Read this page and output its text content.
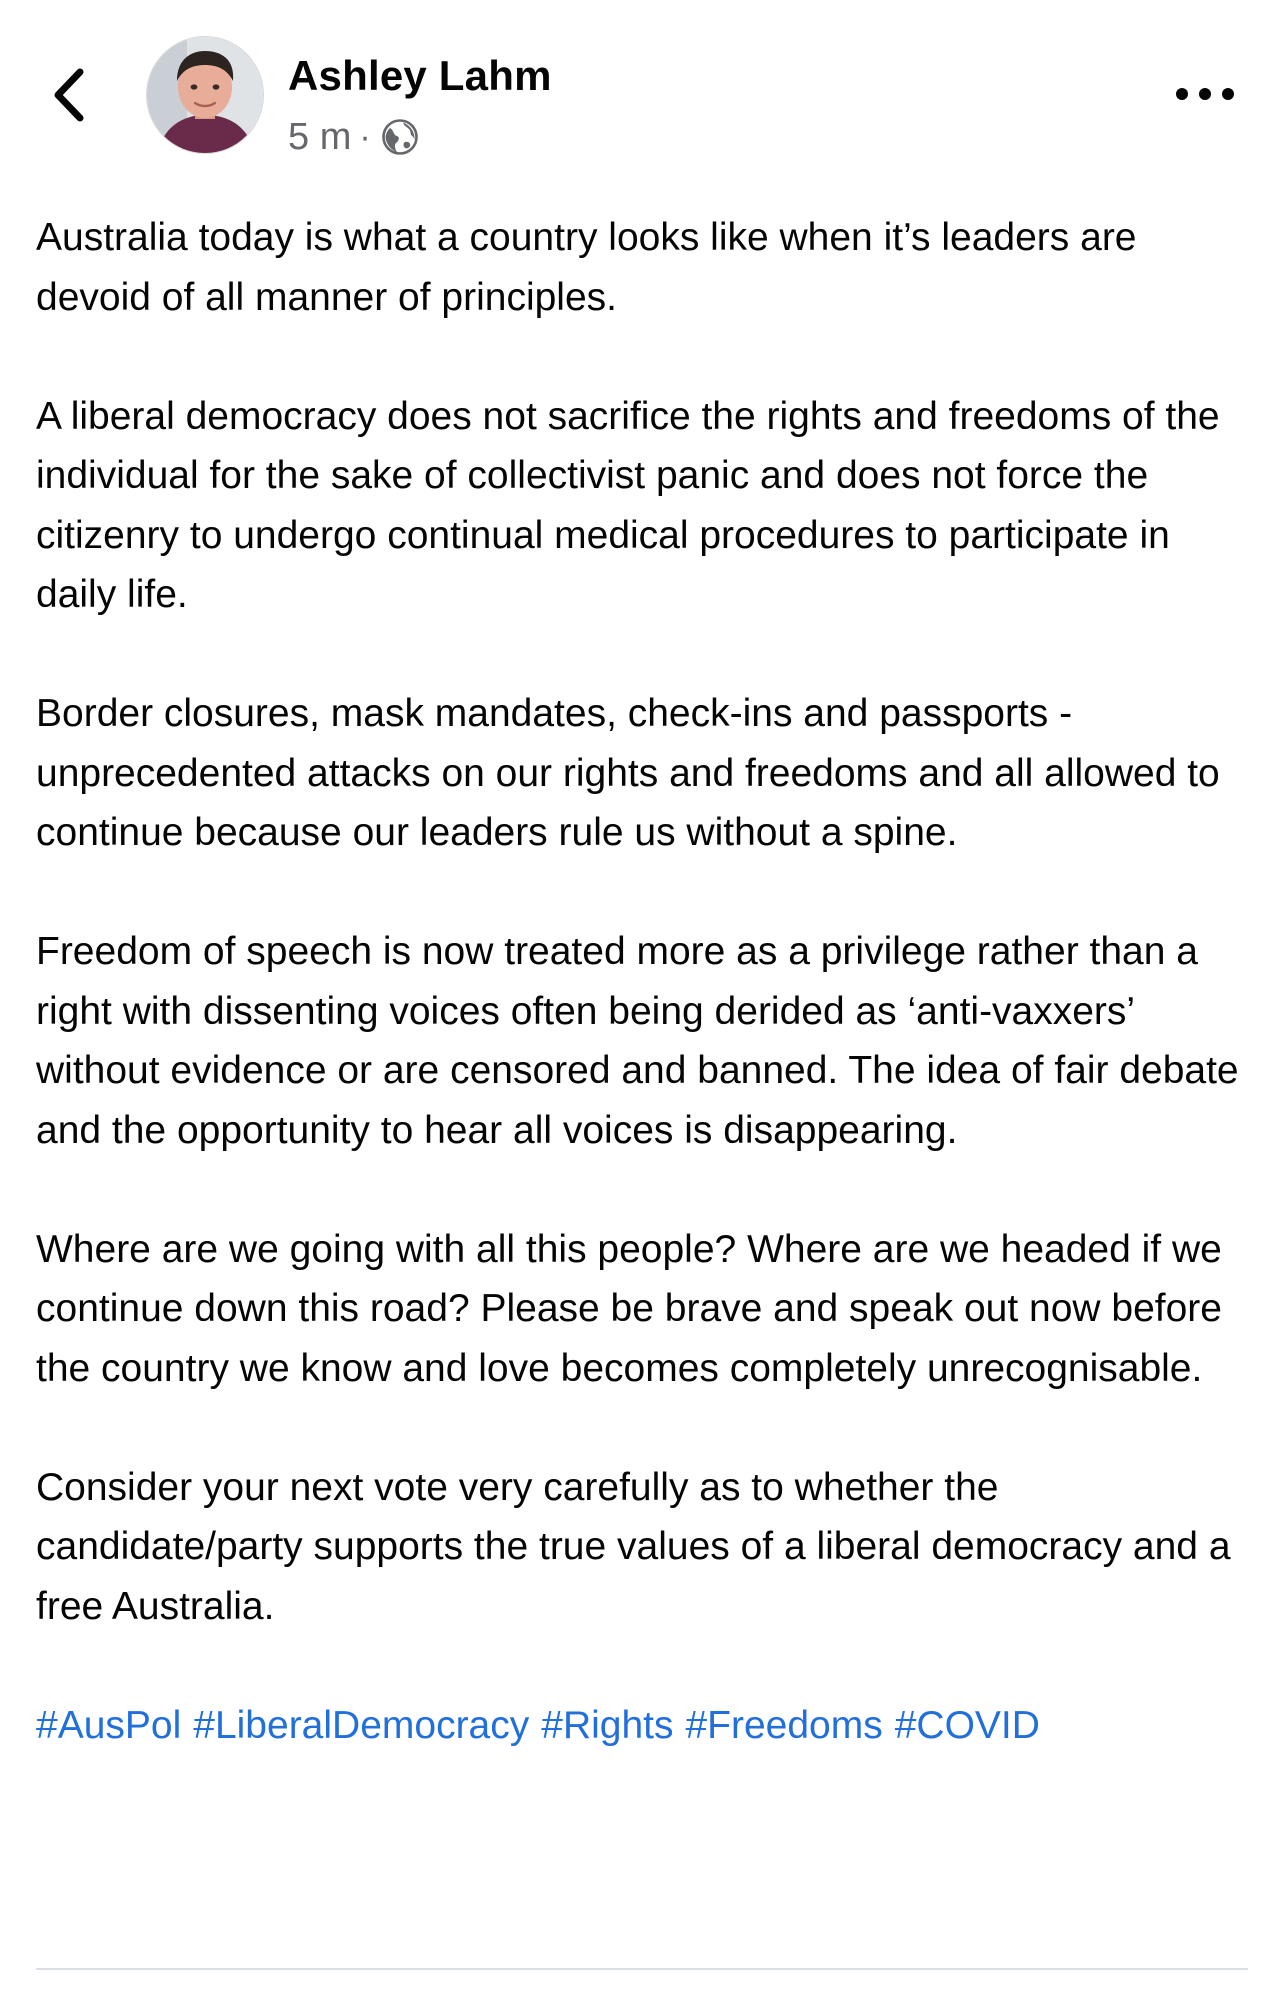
Ashley Lahm
5 m ·

Australia today is what a country looks like when it’s leaders are devoid of all manner of principles.

A liberal democracy does not sacrifice the rights and freedoms of the individual for the sake of collectivist panic and does not force the citizenry to undergo continual medical procedures to participate in daily life.

Border closures, mask mandates, check-ins and passports - unprecedented attacks on our rights and freedoms and all allowed to continue because our leaders rule us without a spine.

Freedom of speech is now treated more as a privilege rather than a right with dissenting voices often being derided as ‘anti-vaxxers’ without evidence or are censored and banned. The idea of fair debate and the opportunity to hear all voices is disappearing.

Where are we going with all this people? Where are we headed if we continue down this road? Please be brave and speak out now before the country we know and love becomes completely unrecognisable.

Consider your next vote very carefully as to whether the candidate/party supports the true values of a liberal democracy and a free Australia.

#AusPol #LiberalDemocracy #Rights #Freedoms #COVID
